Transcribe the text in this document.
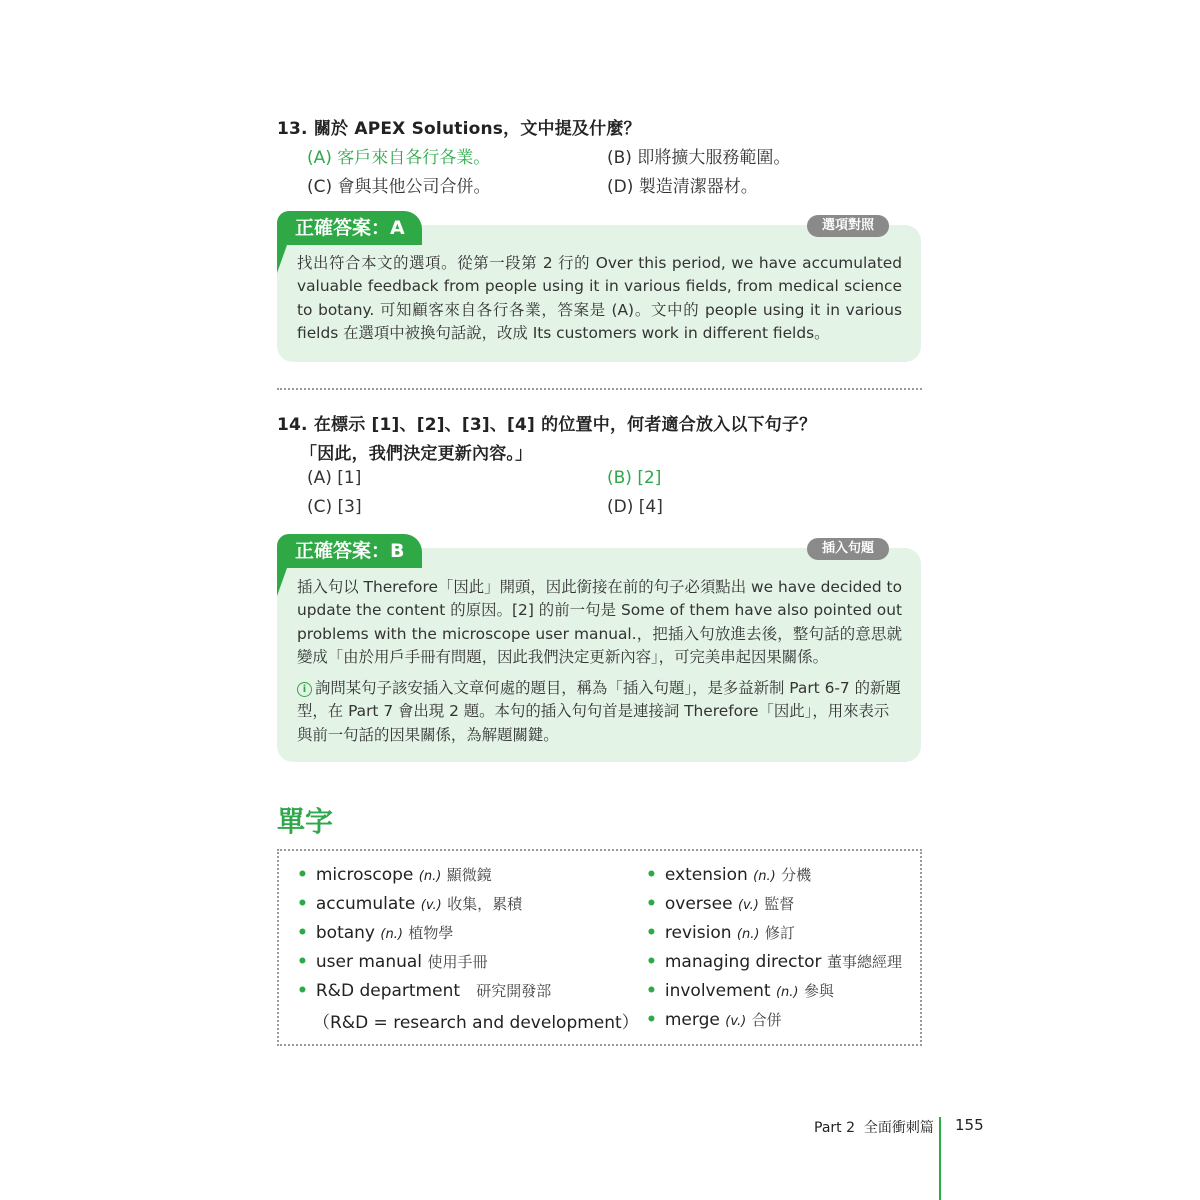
13. 關於 APEX Solutions，文中提及什麼？
(A) 客戶來自各行各業。	(B) 即將擴大服務範圍。
(C) 會與其他公司合併。	(D) 製造清潔器材。
正確答案：A	選項對照
找出符合本文的選項。從第一段第 2 行的 Over this period, we have accumulated valuable feedback from people using it in various fields, from medical science to botany. 可知顧客來自各行各業，答案是 (A)。文中的 people using it in various fields 在選項中被換句話說，改成 Its customers work in different fields。
14. 在標示 [1]、[2]、[3]、[4] 的位置中，何者適合放入以下句子？
「因此，我們決定更新內容。」
(A) [1]	(B) [2]
(C) [3]	(D) [4]
正確答案：B	插入句題
插入句以 Therefore「因此」開頭，因此銜接在前的句子必須點出 we have decided to update the content 的原因。[2] 的前一句是 Some of them have also pointed out problems with the microscope user manual.，把插入句放進去後，整句話的意思就變成「由於用戶手冊有問題，因此我們決定更新內容」，可完美串起因果關係。
i 詢問某句子該安插入文章何處的題目，稱為「插入句題」，是多益新制 Part 6-7 的新題型，在 Part 7 會出現 2 題。本句的插入句句首是連接詞 Therefore「因此」，用來表示與前一句話的因果關係，為解題關鍵。
單字
• microscope (n.) 顯微鏡
• accumulate (v.) 收集，累積
• botany (n.) 植物學
• user manual 使用手冊
• R&D department 研究開發部
（R&D = research and development）
• extension (n.) 分機
• oversee (v.) 監督
• revision (n.) 修訂
• managing director 董事總經理
• involvement (n.) 參與
• merge (v.) 合併
Part 2  全面衝刺篇 155
